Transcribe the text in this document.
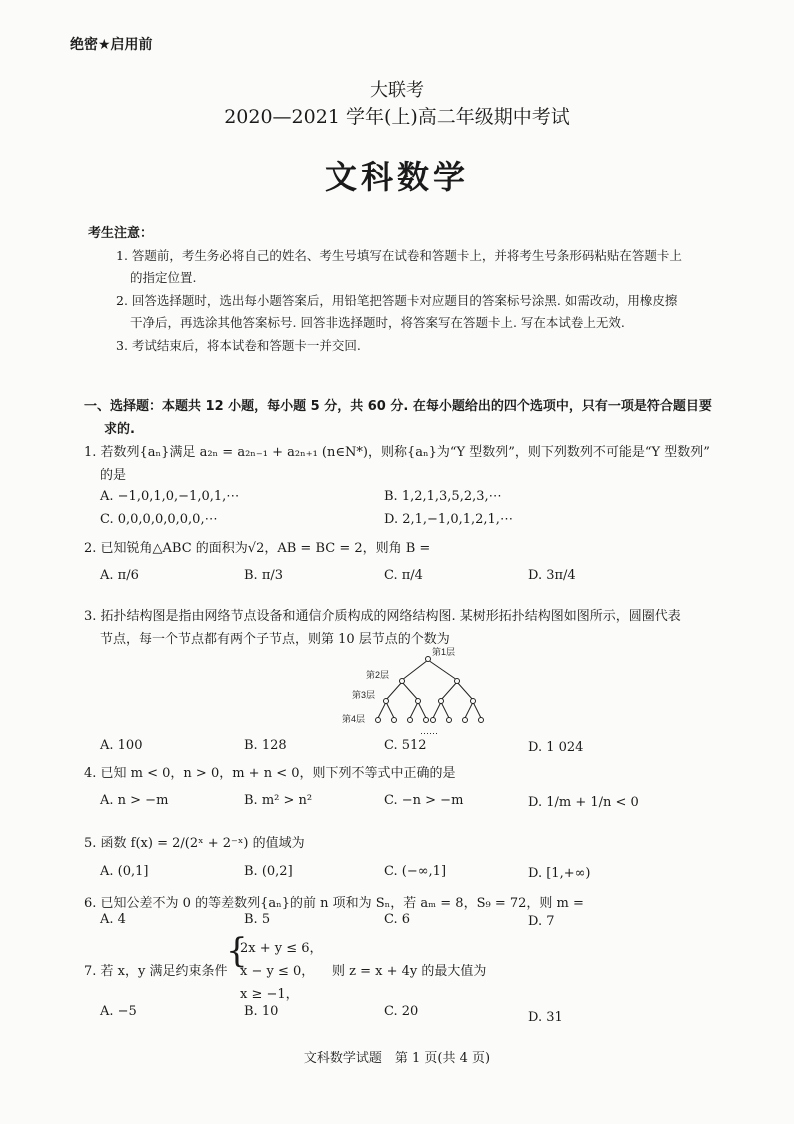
绝密★启用前
大联考
2020—2021 学年(上)高二年级期中考试
文科数学
考生注意：
1. 答题前，考生务必将自己的姓名、考生号填写在试卷和答题卡上，并将考生号条形码粘贴在答题卡上
的指定位置.
2. 回答选择题时，选出每小题答案后，用铅笔把答题卡对应题目的答案标号涂黑. 如需改动，用橡皮擦
干净后，再选涂其他答案标号. 回答非选择题时，将答案写在答题卡上. 写在本试卷上无效.
3. 考试结束后，将本试卷和答题卡一并交回.
一、选择题：本题共 12 小题，每小题 5 分，共 60 分. 在每小题给出的四个选项中，只有一项是符合题目要
求的.
1. 若数列{aₙ}满足 a₂ₙ = a₂ₙ₋₁ + a₂ₙ₊₁ (n∈N*)，则称{aₙ}为“Y 型数列”，则下列数列不可能是“Y 型数列”
的是
A. −1,0,1,0,−1,0,1,⋯	B. 1,2,1,3,5,2,3,⋯
C. 0,0,0,0,0,0,0,⋯	D. 2,1,−1,0,1,2,1,⋯
2. 已知锐角△ABC 的面积为√2，AB = BC = 2，则角 B =
A. π/6	B. π/3	C. π/4	D. 3π/4
3. 拓扑结构图是指由网络节点设备和通信介质构成的网络结构图. 某树形拓扑结构图如图所示，圆圈代表
节点，每一个节点都有两个子节点，则第 10 层节点的个数为
第1层
第2层
第3层
第4层
⋯⋯
A. 100	B. 128	C. 512	D. 1 024
4. 已知 m < 0，n > 0，m + n < 0，则下列不等式中正确的是
A. n > −m	B. m² > n²	C. −n > −m	D. 1/m + 1/n < 0
5. 函数 f(x) = 2/(2ˣ + 2⁻ˣ) 的值域为
A. (0,1]	B. (0,2]	C. (−∞,1]	D. [1,+∞)
6. 已知公差不为 0 的等差数列{aₙ}的前 n 项和为 Sₙ，若 aₘ = 8，S₉ = 72，则 m =
A. 4	B. 5	C. 6	D. 7
7. 若 x，y 满足约束条件
{
2x + y ≤ 6，
x − y ≤ 0，
x ≥ −1，
则 z = x + 4y 的最大值为
A. −5	B. 10	C. 20	D. 31
文科数学试题　第 1 页(共 4 页)
